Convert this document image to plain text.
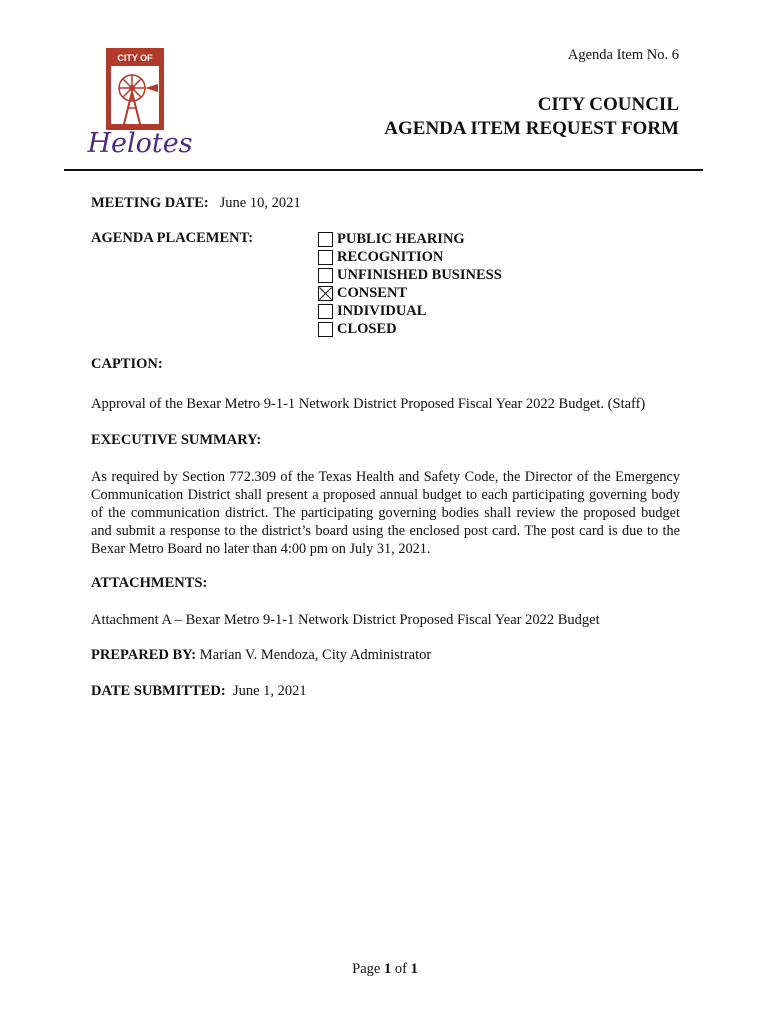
CITY OF
Helotes
Agenda Item No. 6
CITY COUNCIL
AGENDA ITEM REQUEST FORM
MEETING DATE: June 10, 2021
AGENDA PLACEMENT:	PUBLIC HEARING
RECOGNITION
UNFINISHED BUSINESS
CONSENT
INDIVIDUAL
CLOSED
CAPTION:
Approval of the Bexar Metro 9-1-1 Network District Proposed Fiscal Year 2022 Budget. (Staff)
EXECUTIVE SUMMARY:
As required by Section 772.309 of the Texas Health and Safety Code, the Director of the Emergency Communication District shall present a proposed annual budget to each participating governing body of the communication district. The participating governing bodies shall review the proposed budget and submit a response to the district’s board using the enclosed post card. The post card is due to the Bexar Metro Board no later than 4:00 pm on July 31, 2021.
ATTACHMENTS:
Attachment A – Bexar Metro 9-1-1 Network District Proposed Fiscal Year 2022 Budget
PREPARED BY: Marian V. Mendoza, City Administrator
DATE SUBMITTED: June 1, 2021
Page 1 of 1
